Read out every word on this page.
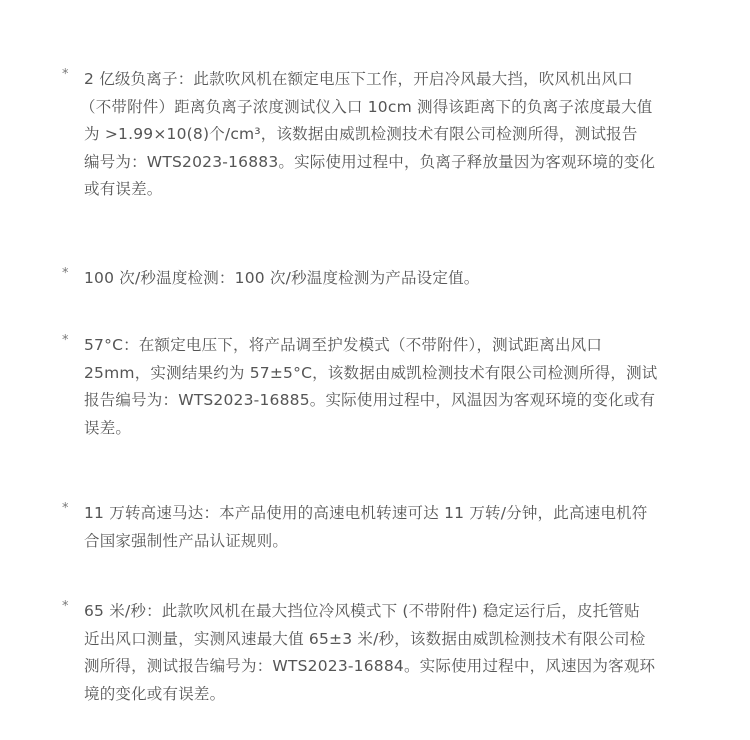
* 2 亿级负离子：此款吹风机在额定电压下工作，开启冷风最大挡，吹风机出风口
（不带附件）距离负离子浓度测试仪入口 10cm 测得该距离下的负离子浓度最大值
为 >1.99×10(8)个/cm³，该数据由威凯检测技术有限公司检测所得，测试报告
编号为：WTS2023-16883。实际使用过程中，负离子释放量因为客观环境的变化
或有误差。

* 100 次/秒温度检测：100 次/秒温度检测为产品设定值。

* 57°C：在额定电压下，将产品调至护发模式（不带附件），测试距离出风口
25mm，实测结果约为 57±5°C，该数据由威凯检测技术有限公司检测所得，测试
报告编号为：WTS2023-16885。实际使用过程中，风温因为客观环境的变化或有
误差。

* 11 万转高速马达：本产品使用的高速电机转速可达 11 万转/分钟，此高速电机符
合国家强制性产品认证规则。

* 65 米/秒：此款吹风机在最大挡位冷风模式下 (不带附件) 稳定运行后，皮托管贴
近出风口测量，实测风速最大值 65±3 米/秒，该数据由威凯检测技术有限公司检
测所得，测试报告编号为：WTS2023-16884。实际使用过程中，风速因为客观环
境的变化或有误差。
